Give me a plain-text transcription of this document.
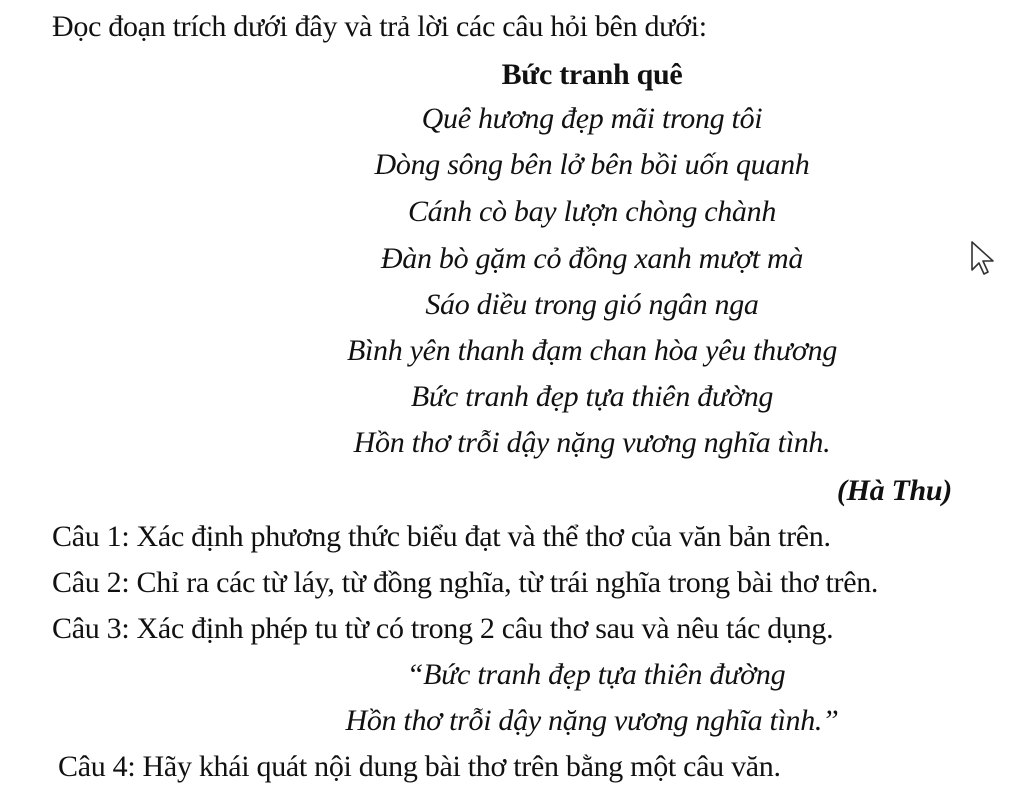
Đọc đoạn trích dưới đây và trả lời các câu hỏi bên dưới:
Bức tranh quê
Quê hương đẹp mãi trong tôi
Dòng sông bên lở bên bồi uốn quanh
Cánh cò bay lượn chòng chành
Đàn bò gặm cỏ đồng xanh mượt mà
Sáo diều trong gió ngân nga
Bình yên thanh đạm chan hòa yêu thương
Bức tranh đẹp tựa thiên đường
Hồn thơ trỗi dậy nặng vương nghĩa tình.
(Hà Thu)
Câu 1: Xác định phương thức biểu đạt và thể thơ của văn bản trên.
Câu 2: Chỉ ra các từ láy, từ đồng nghĩa, từ trái nghĩa trong bài thơ trên.
Câu 3: Xác định phép tu từ có trong 2 câu thơ sau và nêu tác dụng.
“Bức tranh đẹp tựa thiên đường
Hồn thơ trỗi dậy nặng vương nghĩa tình.”
Câu 4: Hãy khái quát nội dung bài thơ trên bằng một câu văn.
